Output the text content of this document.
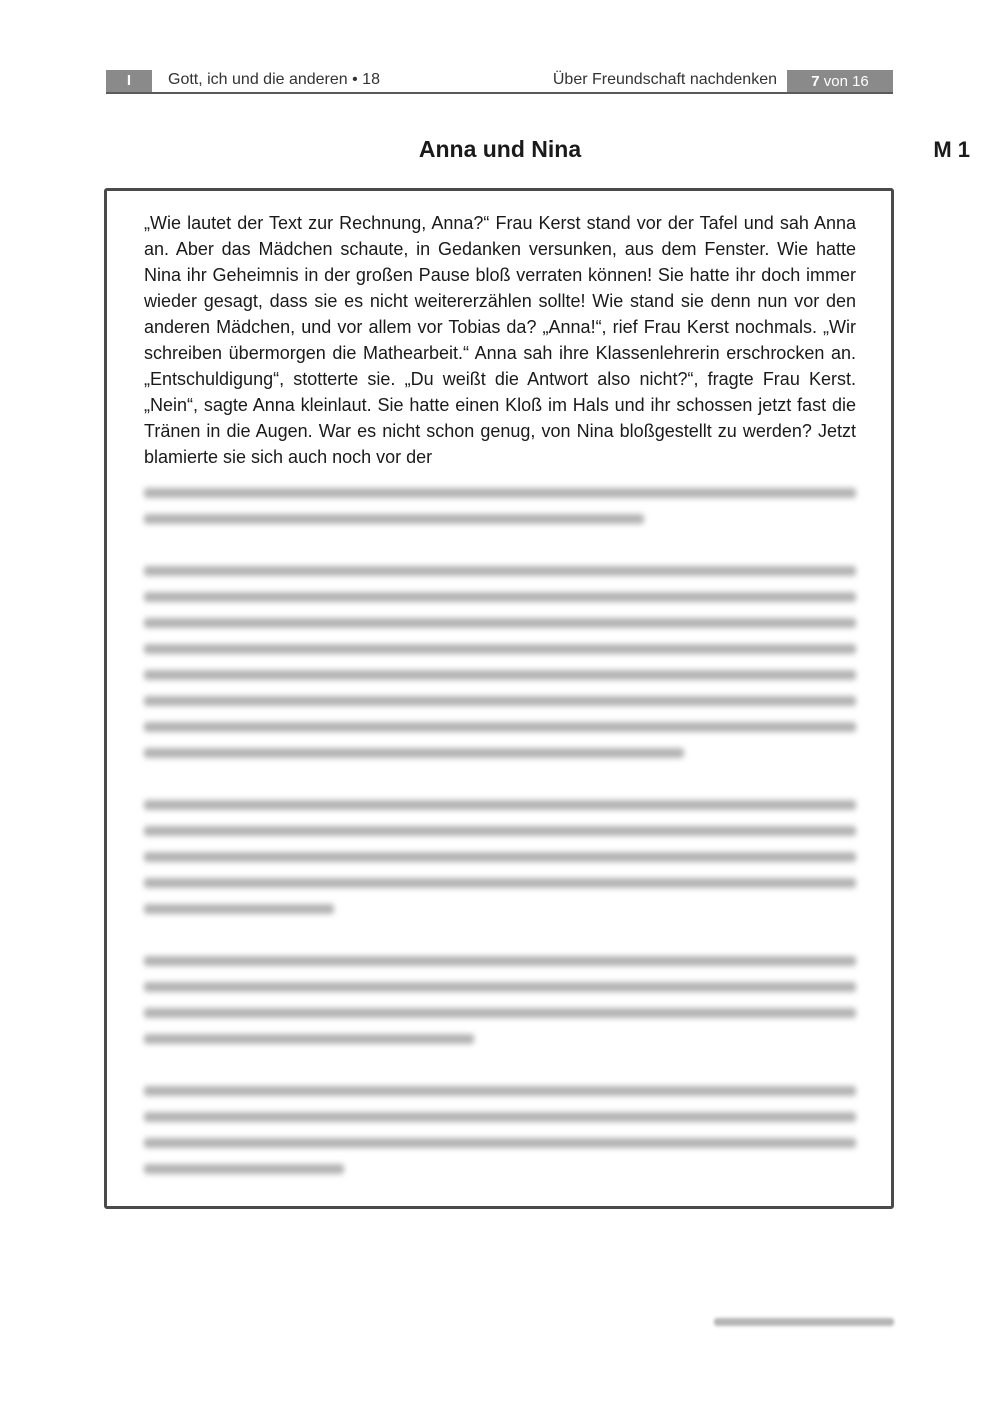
I	Gott, ich und die anderen • 18	Über Freundschaft nachdenken	7 von 16
Anna und Nina	M 1

„Wie lautet der Text zur Rechnung, Anna?“ Frau Kerst stand vor der Tafel und sah Anna an. Aber das Mädchen schaute, in Gedanken versunken, aus dem Fenster. Wie hatte Nina ihr Geheimnis in der großen Pause bloß verraten können! Sie hatte ihr doch immer wieder gesagt, dass sie es nicht weitererzählen sollte! Wie stand sie denn nun vor den anderen Mädchen, und vor allem vor Tobias da? „Anna!“, rief Frau Kerst nochmals. „Wir schreiben übermorgen die Mathearbeit.“ Anna sah ihre Klassenlehrerin erschrocken an. „Entschuldigung“, stotterte sie. „Du weißt die Antwort also nicht?“, fragte Frau Kerst. „Nein“, sagte Anna kleinlaut. Sie hatte einen Kloß im Hals und ihr schossen jetzt fast die Tränen in die Augen. War es nicht schon genug, von Nina bloßgestellt zu werden? Jetzt blamierte sie sich auch noch vor der
